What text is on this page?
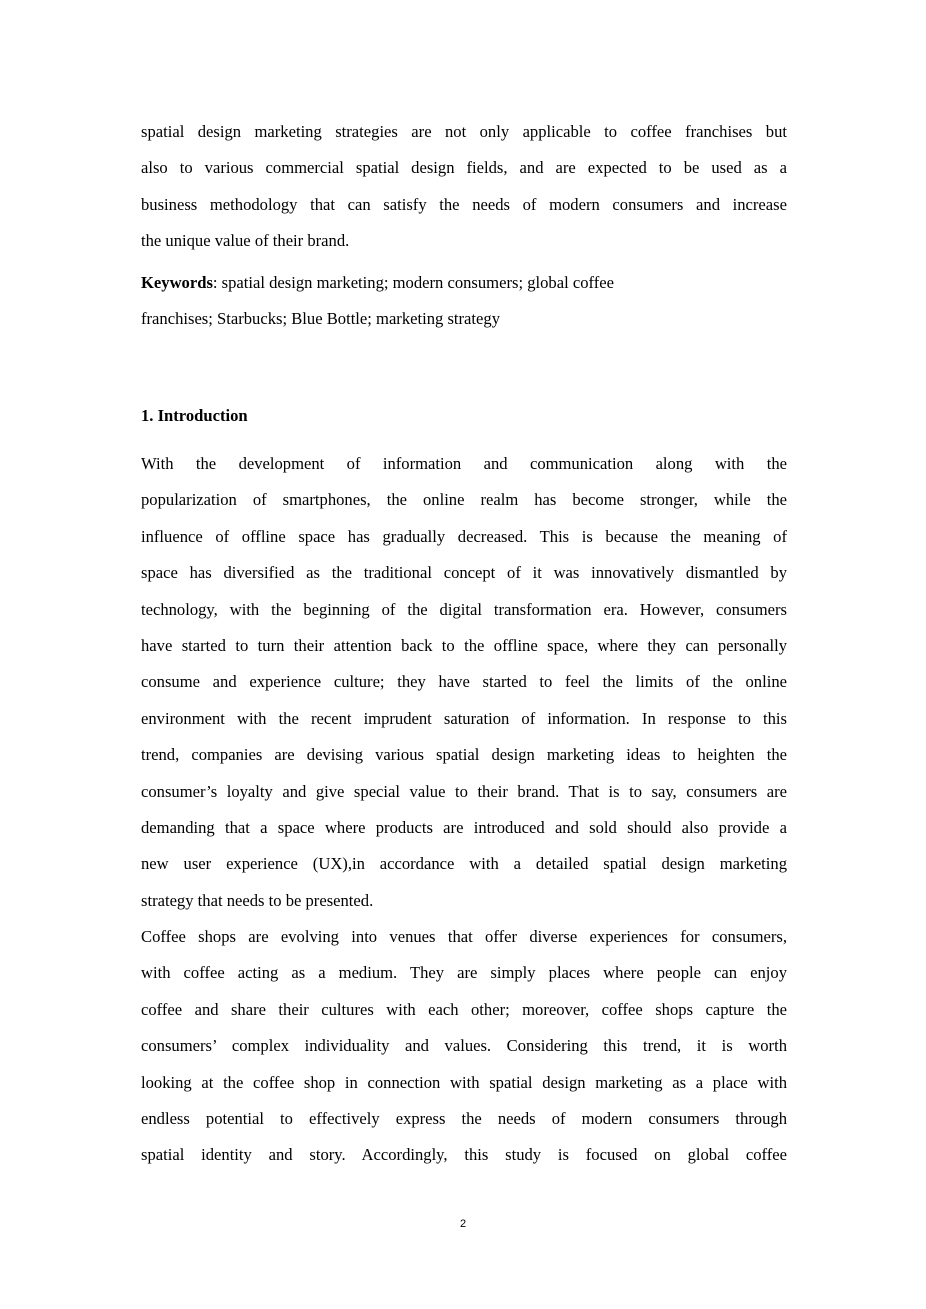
spatial design marketing strategies are not only applicable to coffee franchises but
also to various commercial spatial design fields, and are expected to be used as a
business methodology that can satisfy the needs of modern consumers and increase
the unique value of their brand.
Keywords: spatial design marketing; modern consumers; global coffee
franchises; Starbucks; Blue Bottle; marketing strategy
1. Introduction
With the development of information and communication along with the
popularization of smartphones, the online realm has become stronger, while the
influence of offline space has gradually decreased. This is because the meaning of
space has diversified as the traditional concept of it was innovatively dismantled by
technology, with the beginning of the digital transformation era. However, consumers
have started to turn their attention back to the offline space, where they can personally
consume and experience culture; they have started to feel the limits of the online
environment with the recent imprudent saturation of information. In response to this
trend, companies are devising various spatial design marketing ideas to heighten the
consumer’s loyalty and give special value to their brand. That is to say, consumers are
demanding that a space where products are introduced and sold should also provide a
new user experience (UX),in accordance with a detailed spatial design marketing
strategy that needs to be presented.
Coffee shops are evolving into venues that offer diverse experiences for consumers,
with coffee acting as a medium. They are simply places where people can enjoy
coffee and share their cultures with each other; moreover, coffee shops capture the
consumers’ complex individuality and values. Considering this trend, it is worth
looking at the coffee shop in connection with spatial design marketing as a place with
endless potential to effectively express the needs of modern consumers through
spatial identity and story. Accordingly, this study is focused on global coffee
2
